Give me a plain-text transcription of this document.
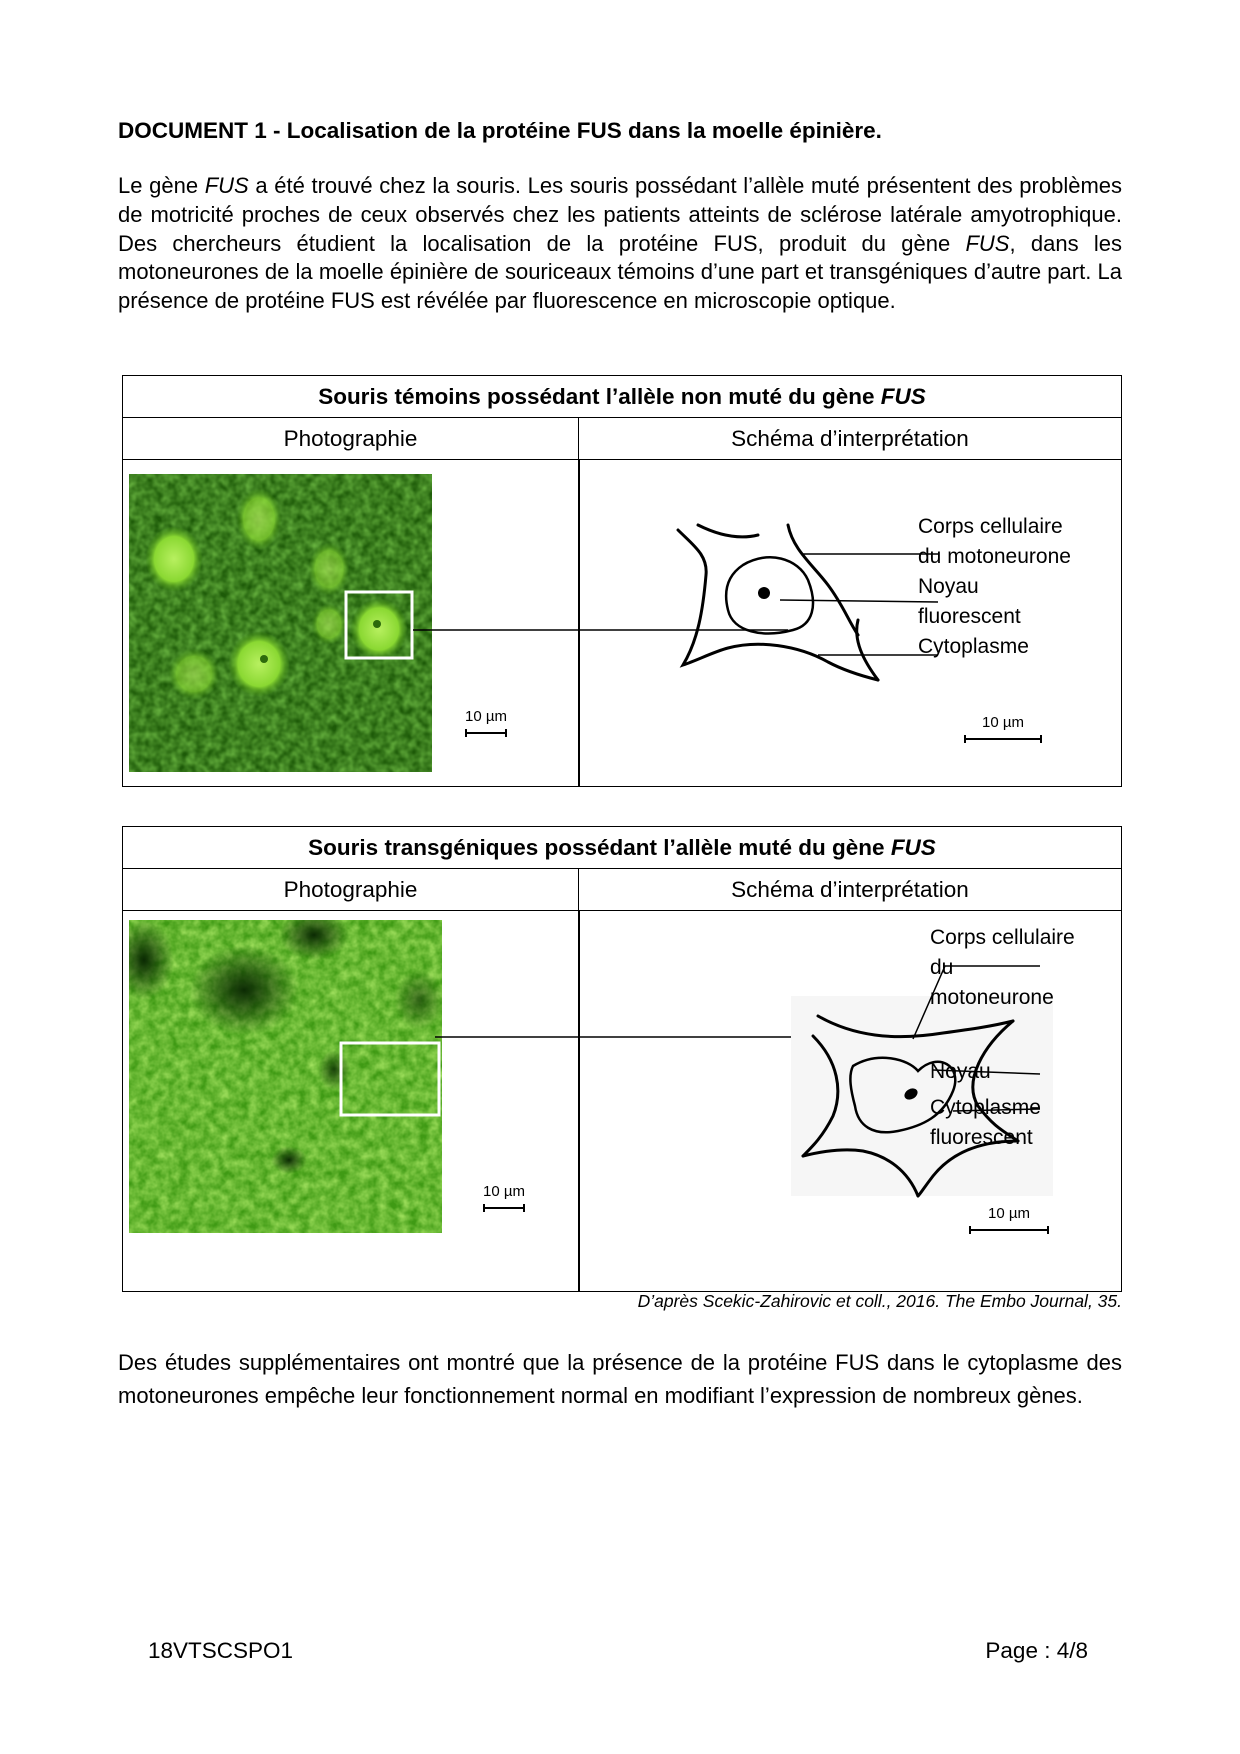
DOCUMENT 1 - Localisation de la protéine FUS dans la moelle épinière.
Le gène FUS a été trouvé chez la souris. Les souris possédant l’allèle muté présentent des problèmes de motricité proches de ceux observés chez les patients atteints de sclérose latérale amyotrophique. Des chercheurs étudient la localisation de la protéine FUS, produit du gène FUS, dans les motoneurones de la moelle épinière de souriceaux témoins d’une part et transgéniques d’autre part. La présence de protéine FUS est révélée par fluorescence en microscopie optique.
Souris témoins possédant l’allèle non muté du gène FUS
Photographie	Schéma d’interprétation
10 µm
Corps cellulaire
du motoneurone
Noyau
fluorescent
Cytoplasme
10 µm
Souris transgéniques possédant l’allèle muté du gène FUS
Photographie	Schéma d’interprétation
10 µm
Corps cellulaire
du
motoneurone
Noyau
Cytoplasme
fluorescent
10 µm
D’après Scekic-Zahirovic et coll., 2016. The Embo Journal, 35.
Des études supplémentaires ont montré que la présence de la protéine FUS dans le cytoplasme des motoneurones empêche leur fonctionnement normal en modifiant l’expression de nombreux gènes.
18VTSCSPO1	Page : 4/8
